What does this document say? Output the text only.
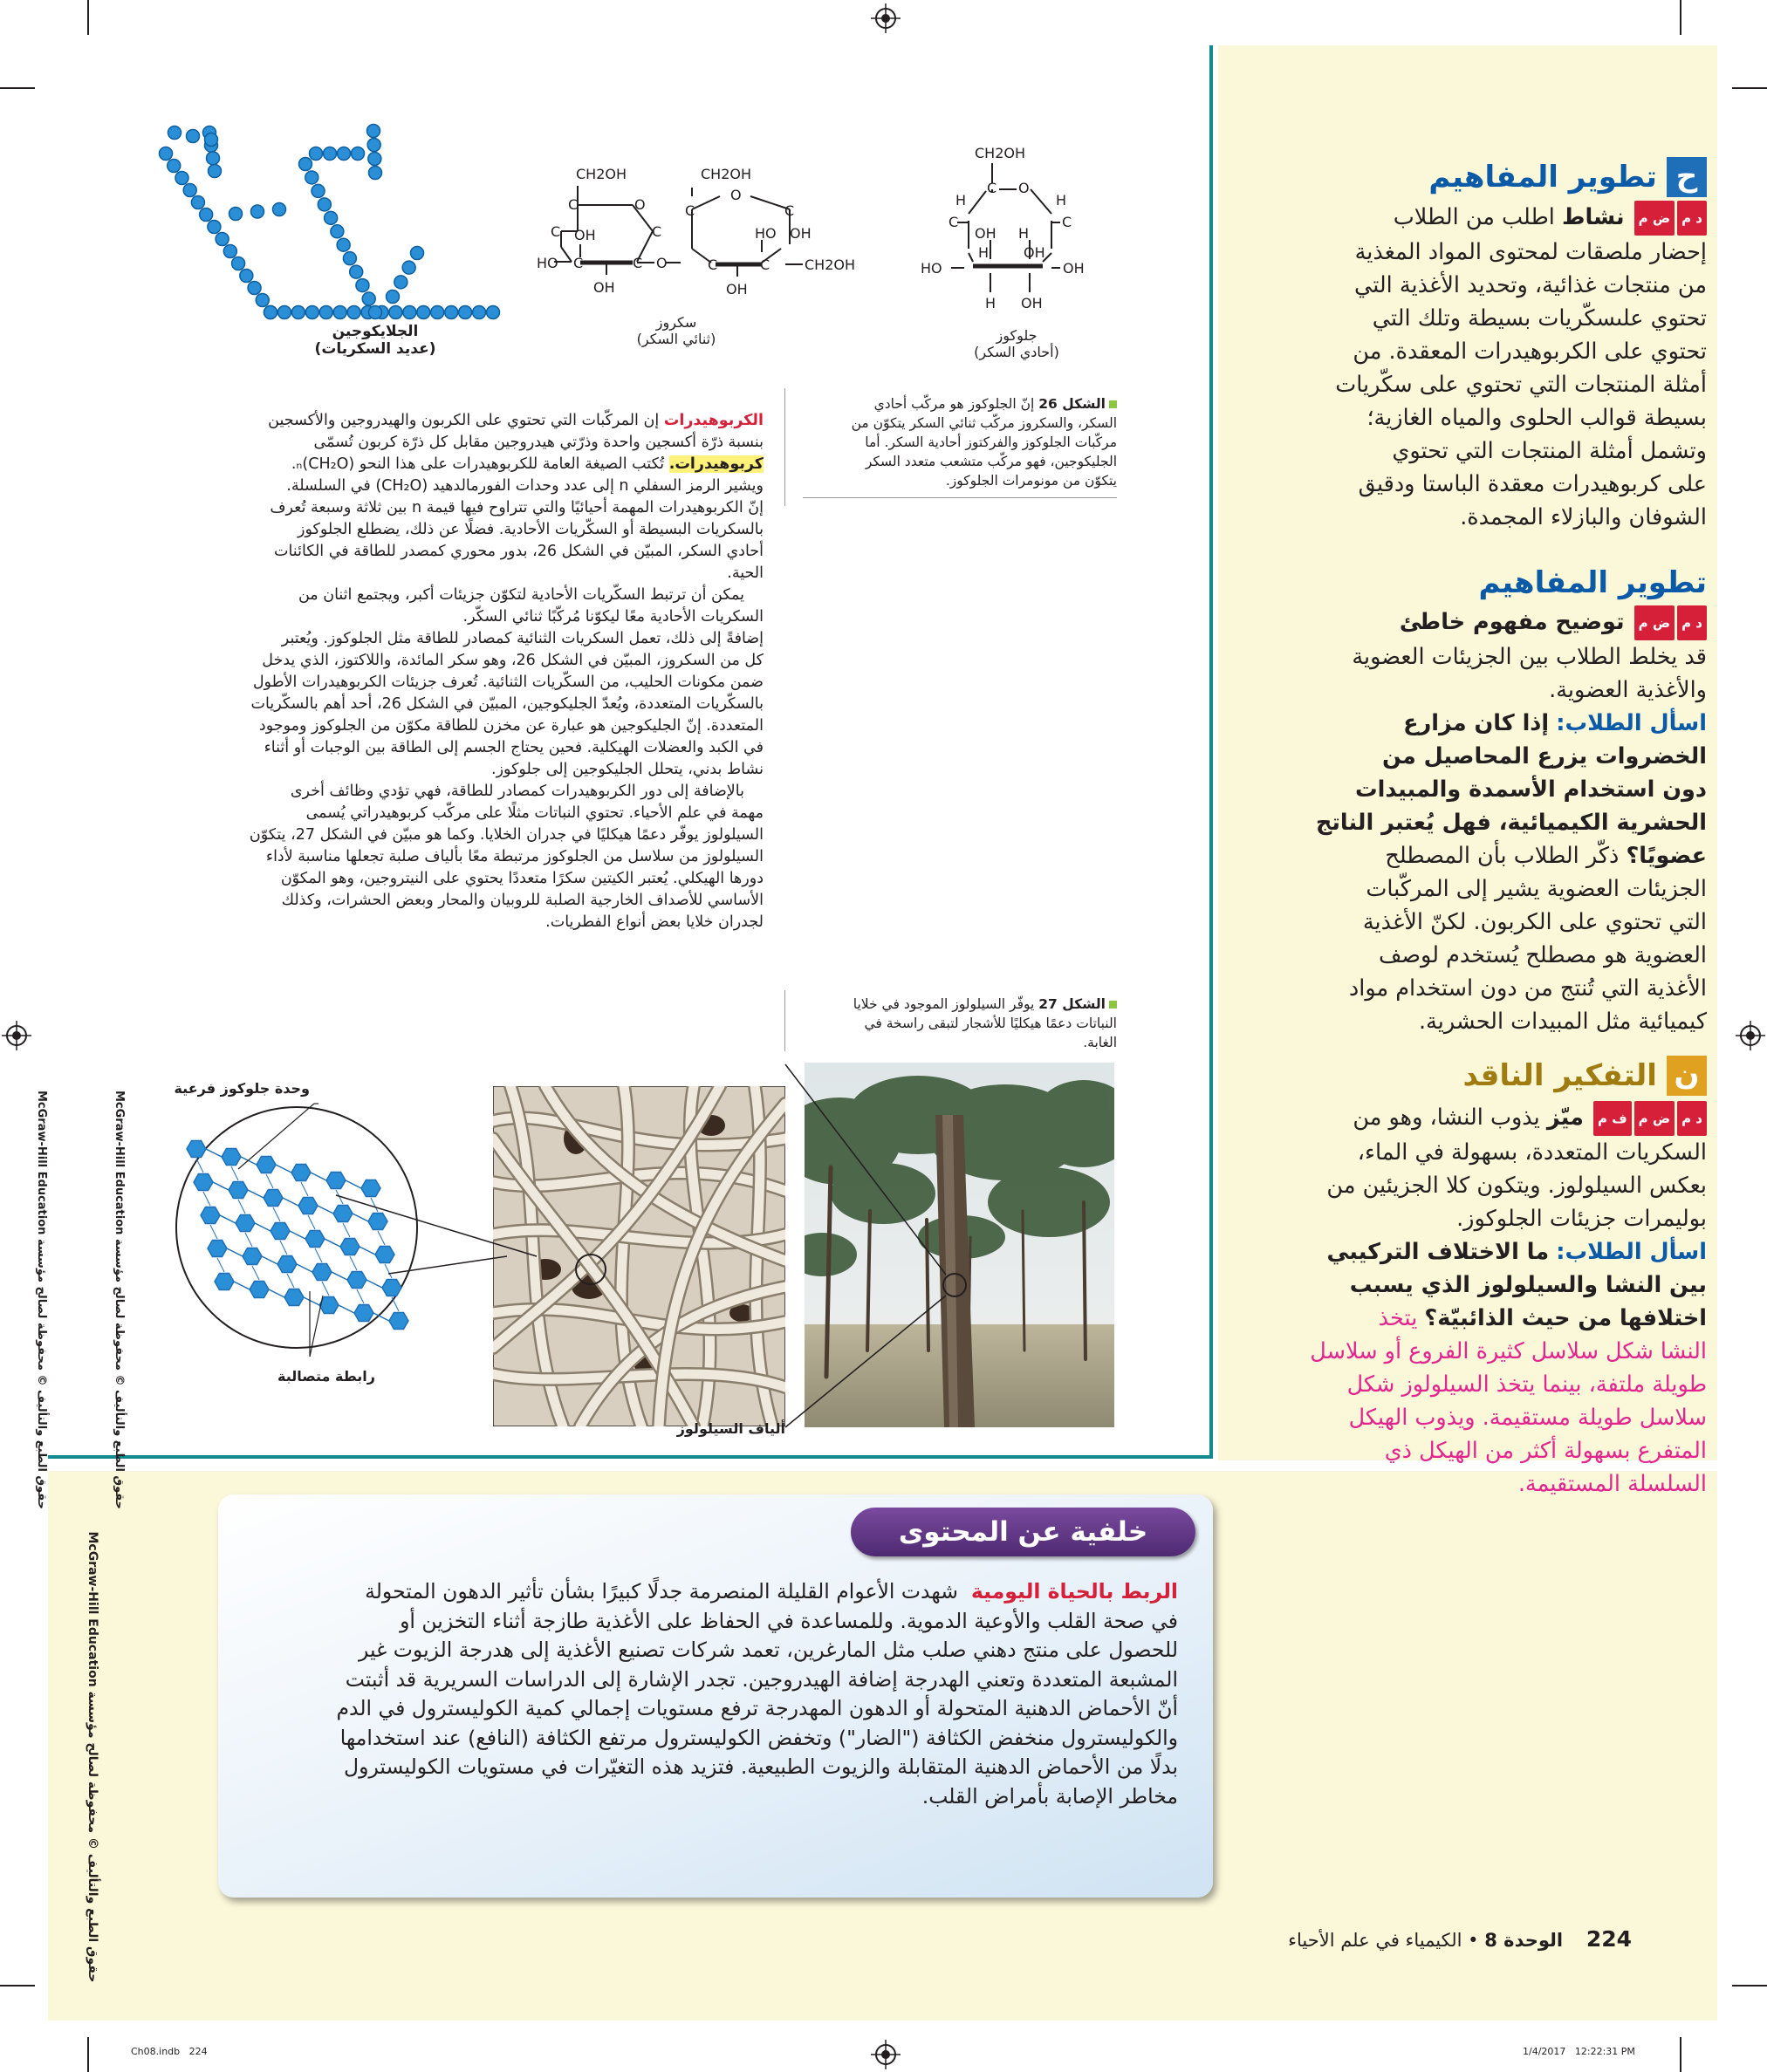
حقوق الطبع والتأليف © محفوظة لصالح مؤسسة McGraw-Hill Education
حقوق الطبع والتأليف © محفوظة لصالح مؤسسة McGraw-Hill Education
حقوق الطبع والتأليف © محفوظة لصالح مؤسسة McGraw-Hill Education
ح تطوير المفاهيم
د مض م نشاط اطلب من الطلاب
إحضار ملصقات لمحتوى المواد المغذية
من منتجات غذائية، وتحديد الأغذية التي
تحتوي علىسكّريات بسيطة وتلك التي
تحتوي على الكربوهيدرات المعقدة. من
أمثلة المنتجات التي تحتوي على سكّريات
بسيطة قوالب الحلوى والمياه الغازية؛
وتشمل أمثلة المنتجات التي تحتوي
على كربوهيدرات معقدة الباستا ودقيق
الشوفان والبازلاء المجمدة.
تطوير المفاهيم
د مض م توضيح مفهوم خاطئ
قد يخلط الطلاب بين الجزيئات العضوية
والأغذية العضوية.
اسأل الطلاب: إذا كان مزارع
الخضروات يزرع المحاصيل من
دون استخدام الأسمدة والمبيدات
الحشرية الكيميائية، فهل يُعتبر الناتج
عضويًا؟ ذكّر الطلاب بأن المصطلح
الجزيئات العضوية يشير إلى المركّبات
التي تحتوي على الكربون. لكنّ الأغذية
العضوية هو مصطلح يُستخدم لوصف
الأغذية التي تُنتج من دون استخدام مواد
كيميائية مثل المبيدات الحشرية.
ن التفكير الناقد
د مض مف م ميّز يذوب النشا، وهو من
السكريات المتعددة، بسهولة في الماء،
بعكس السيلولوز. ويتكون كلا الجزيئين من
بوليمرات جزيئات الجلوكوز.
اسأل الطلاب: ما الاختلاف التركيبي
بين النشا والسيلولوز الذي يسبب
اختلافها من حيث الذائبيّة؟ يتخذ
النشا شكل سلاسل كثيرة الفروع أو سلاسل
طويلة ملتفة، بينما يتخذ السيلولوز شكل
سلاسل طويلة مستقيمة. ويذوب الهيكل
المتفرع بسهولة أكثر من الهيكل ذي
السلسلة المستقيمة.
الجلايكوجين
(عديد السكريات)
CH2OH
C	O
C OH
HO C	C
C
OH
O
CH2OH
C
O
C
OH
HO
C	C
OH
CH2OH
سكروز
(ثنائي السكر)
CH2OH
C O
H	H
C	C
OH H
HO
H OH
OH
H OH
جلوكوز
(أحادي السكر)
الشكل 26 إنّ الجلوكوز هو مركّب أحادي
السكر، والسكروز مركّب ثنائي السكر يتكوّن من
مركّبات الجلوكوز والفركتوز أحادية السكر. أما
الجليكوجين، فهو مركّب متشعب متعدد السكر
يتكوّن من مونومرات الجلوكوز.
الكربوهيدرات إن المركّبات التي تحتوي على الكربون والهيدروجين والأكسجين
بنسبة ذرّة أكسجين واحدة وذرّتي هيدروجين مقابل كل ذرّة كربون تُسمّى
كربوهيدرات. تُكتب الصيغة العامة للكربوهيدرات على هذا النحو (CH₂O)ₙ.
ويشير الرمز السفلي n إلى عدد وحدات الفورمالدهيد (CH₂O) في السلسلة.
إنّ الكربوهيدرات المهمة أحيائيًا والتي تتراوح فيها قيمة n بين ثلاثة وسبعة تُعرف
بالسكريات البسيطة أو السكّريات الأحادية. فضلًا عن ذلك، يضطلع الجلوكوز
أحادي السكر، المبيّن في الشكل 26، بدور محوري كمصدر للطاقة في الكائنات
الحية.
يمكن أن ترتبط السكّريات الأحادية لتكوّن جزيئات أكبر، ويجتمع اثنان من
السكريات الأحادية معًا ليكوّنا مُركّبًا ثنائي السكّر.
إضافةً إلى ذلك، تعمل السكريات الثنائية كمصادر للطاقة مثل الجلوكوز. ويُعتبر
كل من السكروز، المبيّن في الشكل 26، وهو سكر المائدة، واللاكتوز، الذي يدخل
ضمن مكونات الحليب، من السكّريات الثنائية. تُعرف جزيئات الكربوهيدرات الأطول
بالسكّريات المتعددة، ويُعدّ الجليكوجين، المبيّن في الشكل 26، أحد أهم بالسكّريات
المتعددة. إنّ الجليكوجين هو عبارة عن مخزن للطاقة مكوّن من الجلوكوز وموجود
في الكبد والعضلات الهيكلية. فحين يحتاج الجسم إلى الطاقة بين الوجبات أو أثناء
نشاط بدني، يتحلل الجليكوجين إلى جلوكوز.
بالإضافة إلى دور الكربوهيدرات كمصادر للطاقة، فهي تؤدي وظائف أخرى
مهمة في علم الأحياء. تحتوي النباتات مثلًا على مركّب كربوهيدراتي يُسمى
السيلولوز يوفّر دعمًا هيكليًا في جدران الخلايا. وكما هو مبيّن في الشكل 27، يتكوّن
السيلولوز من سلاسل من الجلوكوز مرتبطة معًا بألياف صلبة تجعلها مناسبة لأداء
دورها الهيكلي. يُعتبر الكيتين سكرًا متعددًا يحتوي على النيتروجين، وهو المكوّن
الأساسي للأصداف الخارجية الصلبة للروبيان والمحار وبعض الحشرات، وكذلك
لجدران خلايا بعض أنواع الفطريات.
الشكل 27 يوفّر السيلولوز الموجود في خلايا
النباتات دعمًا هيكليًا للأشجار لتبقى راسخة في
الغابة.
وحدة جلوكوز فرعية
رابطة متصالبة
ألياف السيلولوز
خلفية عن المحتوى
الربط بالحياة اليومية  شهدت الأعوام القليلة المنصرمة جدلًا كبيرًا بشأن تأثير الدهون المتحولة
في صحة القلب والأوعية الدموية. وللمساعدة في الحفاظ على الأغذية طازجة أثناء التخزين أو
للحصول على منتج دهني صلب مثل المارغرين، تعمد شركات تصنيع الأغذية إلى هدرجة الزيوت غير
المشبعة المتعددة وتعني الهدرجة إضافة الهيدروجين. تجدر الإشارة إلى الدراسات السريرية قد أثبتت
أنّ الأحماض الدهنية المتحولة أو الدهون المهدرجة ترفع مستويات إجمالي كمية الكوليسترول في الدم
والكوليسترول منخفض الكثافة ("الضار") وتخفض الكوليسترول مرتفع الكثافة (النافع) عند استخدامها
بدلًا من الأحماض الدهنية المتقابلة والزيوت الطبيعية. فتزيد هذه التغيّرات في مستويات الكوليسترول
مخاطر الإصابة بأمراض القلب.
224    الوحدة 8 • الكيمياء في علم الأحياء
Ch08.indb   224	1/4/2017   12:22:31 PM
